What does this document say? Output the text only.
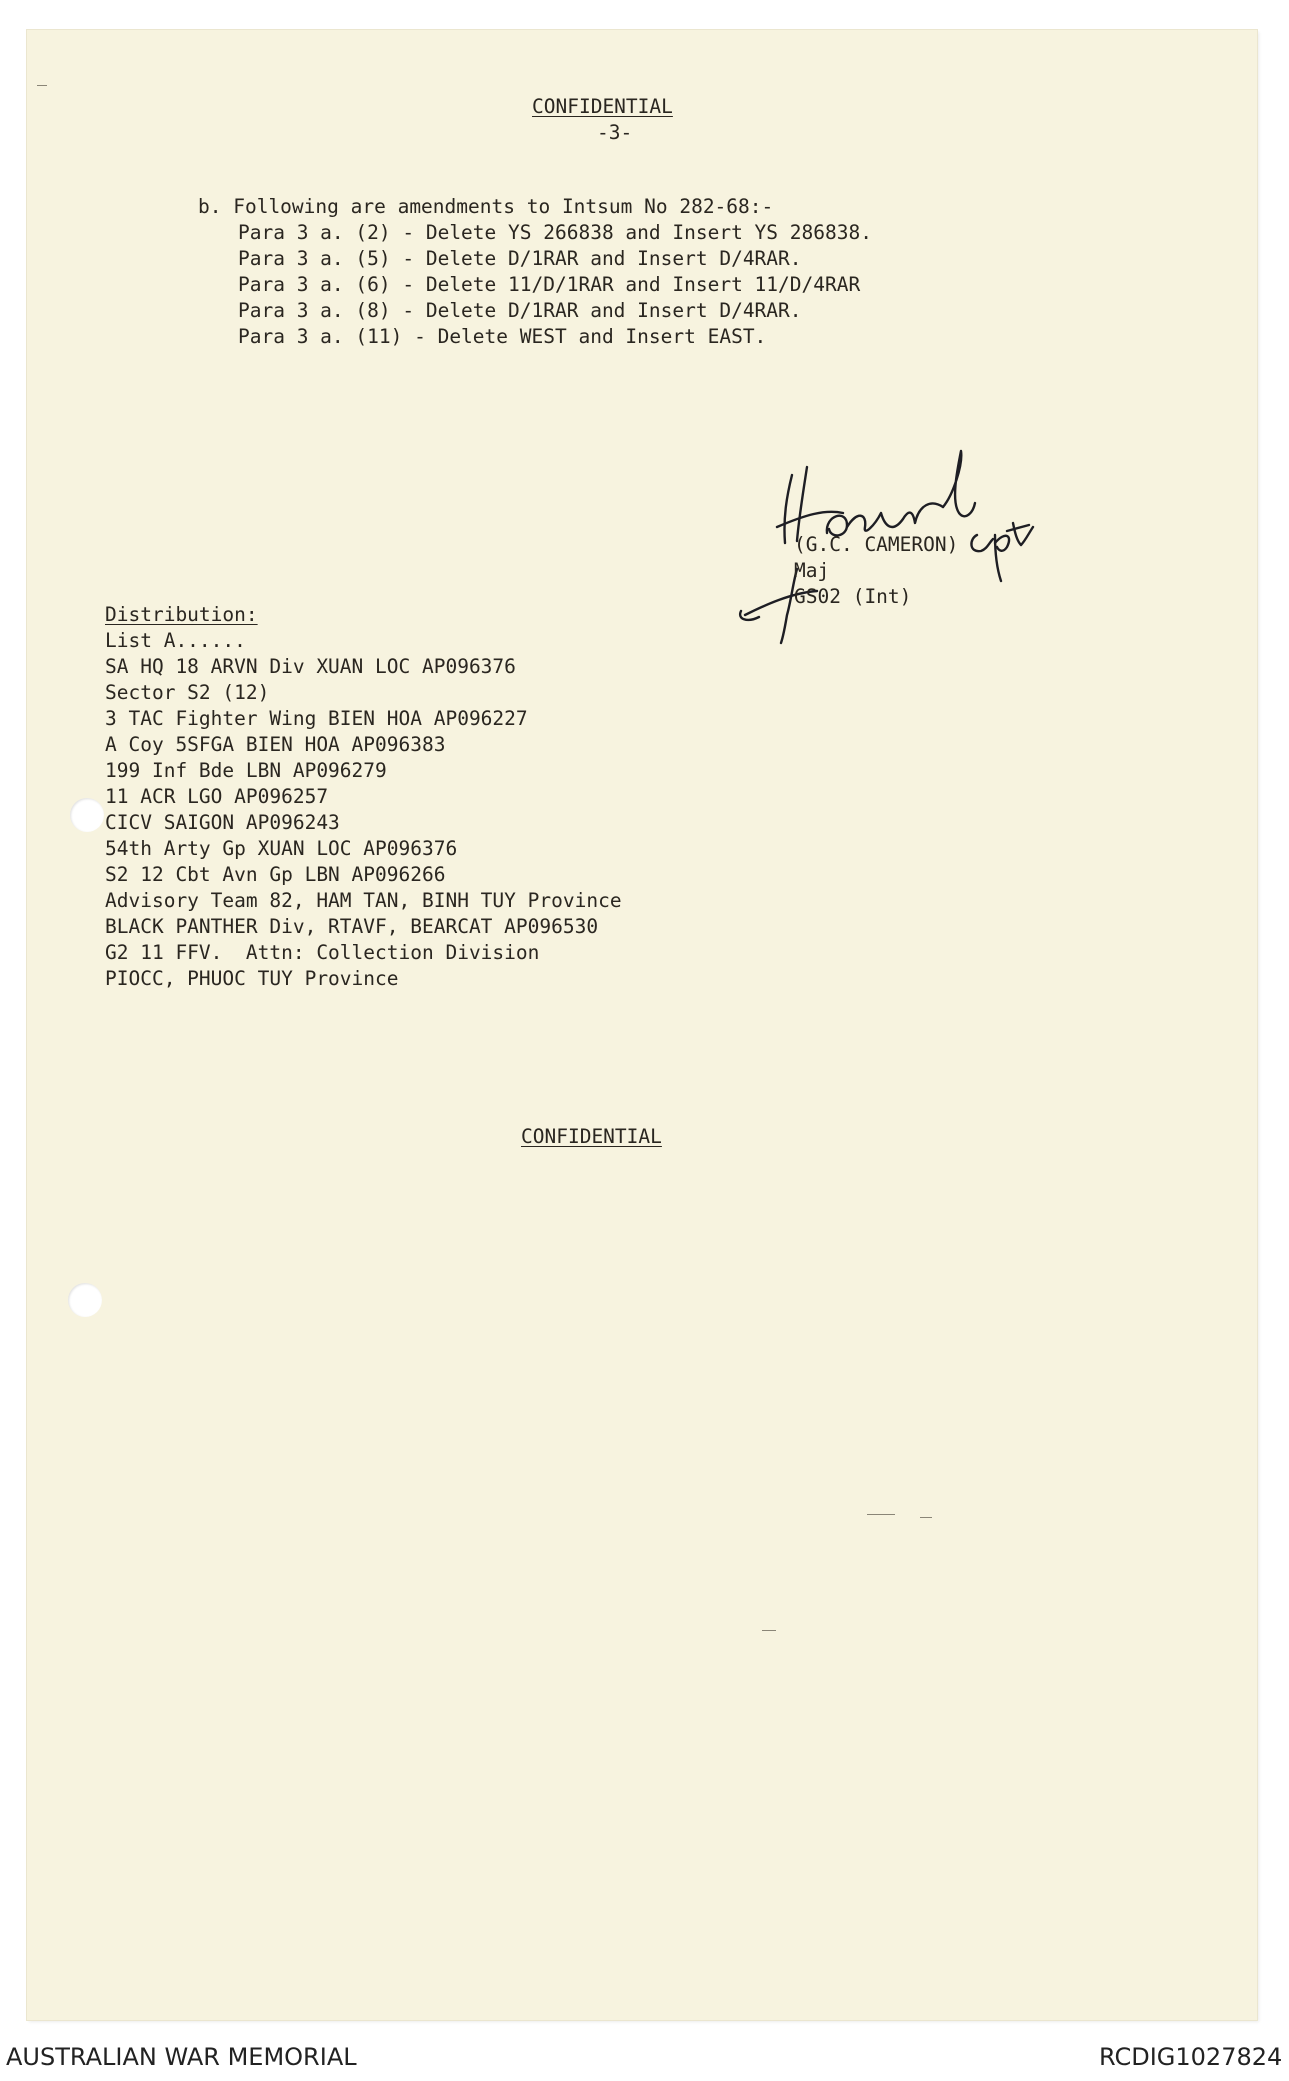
CONFIDENTIAL
-3-
b. Following are amendments to Intsum No 282-68:-
Para 3 a. (2) - Delete YS 266838 and Insert YS 286838.
Para 3 a. (5) - Delete D/1RAR and Insert D/4RAR.
Para 3 a. (6) - Delete 11/D/1RAR and Insert 11/D/4RAR
Para 3 a. (8) - Delete D/1RAR and Insert D/4RAR.
Para 3 a. (11) - Delete WEST and Insert EAST.
(G.C. CAMERON)
Maj
GS02 (Int)
Distribution:
List A......
SA HQ 18 ARVN Div XUAN LOC AP096376
Sector S2 (12)
3 TAC Fighter Wing BIEN HOA AP096227
A Coy 5SFGA BIEN HOA AP096383
199 Inf Bde LBN AP096279
11 ACR LGO AP096257
CICV SAIGON AP096243
54th Arty Gp XUAN LOC AP096376
S2 12 Cbt Avn Gp LBN AP096266
Advisory Team 82, HAM TAN, BINH TUY Province
BLACK PANTHER Div, RTAVF, BEARCAT AP096530
G2 11 FFV.  Attn: Collection Division
PIOCC, PHUOC TUY Province
CONFIDENTIAL
AUSTRALIAN WAR MEMORIAL	RCDIG1027824
